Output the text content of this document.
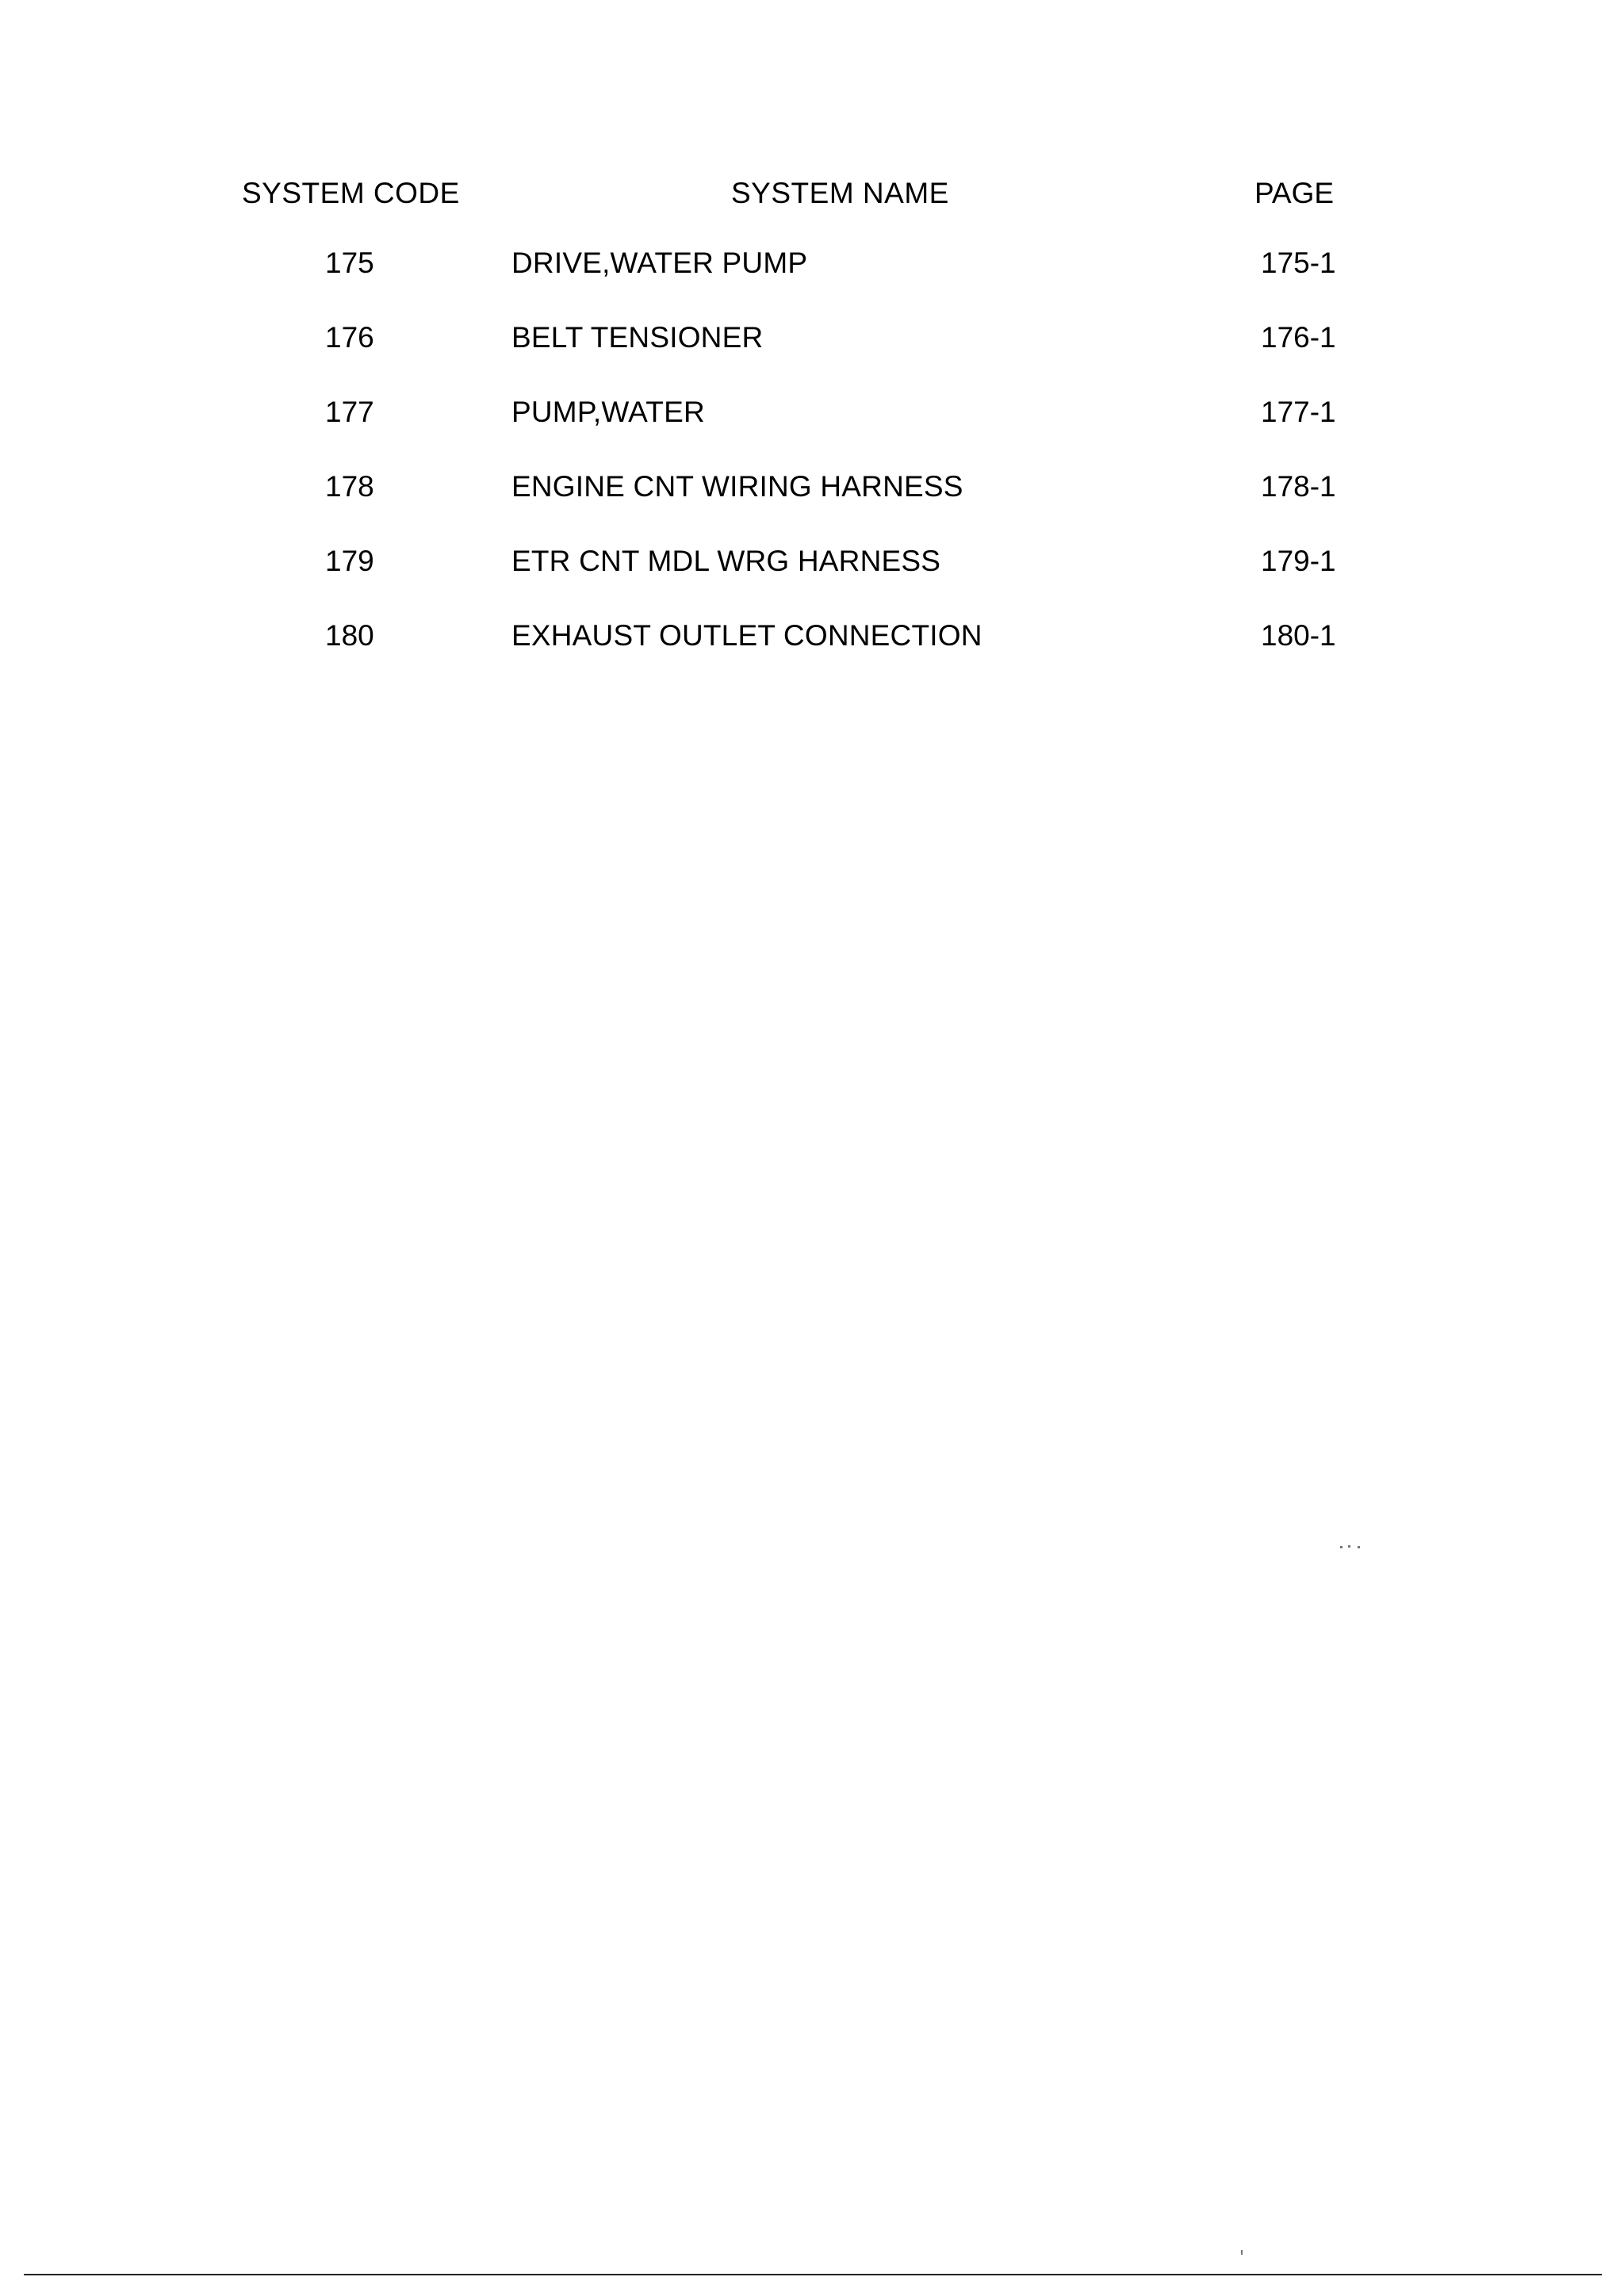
SYSTEM CODE	SYSTEM NAME	PAGE
175	DRIVE,WATER PUMP	175-1
176	BELT TENSIONER	176-1
177	PUMP,WATER	177-1
178	ENGINE CNT WIRING HARNESS	178-1
179	ETR CNT MDL WRG HARNESS	179-1
180	EXHAUST OUTLET CONNECTION	180-1
